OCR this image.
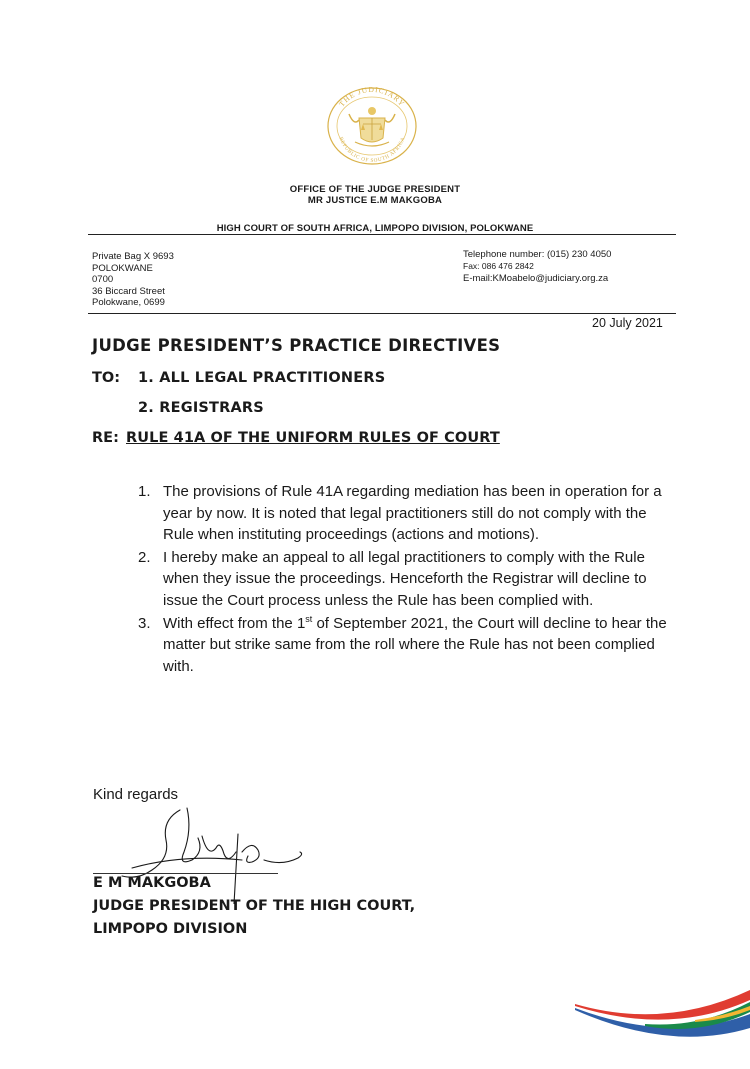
THE JUDICIARY
REPUBLIC OF SOUTH AFRICA
OFFICE OF THE JUDGE PRESIDENT
MR JUSTICE E.M MAKGOBA
HIGH COURT OF SOUTH AFRICA, LIMPOPO DIVISION, POLOKWANE
Private Bag X 9693
POLOKWANE
0700
36 Biccard Street
Polokwane, 0699
Telephone number: (015) 230 4050
Fax: 086 476 2842
E-mail:KMoabelo@judiciary.org.za
20 July 2021
JUDGE PRESIDENT’S PRACTICE DIRECTIVES
TO: 1. ALL LEGAL PRACTITIONERS
2. REGISTRARS
RE: RULE 41A OF THE UNIFORM RULES OF COURT
1. The provisions of Rule 41A regarding mediation has been in operation for a year by now. It is noted that legal practitioners still do not comply with the Rule when instituting proceedings (actions and motions).
2. I hereby make an appeal to all legal practitioners to comply with the Rule when they issue the proceedings. Henceforth the Registrar will decline to issue the Court process unless the Rule has been complied with.
3. With effect from the 1st of September 2021, the Court will decline to hear the matter but strike same from the roll where the Rule has not been complied with.
Kind regards
E M MAKGOBA
JUDGE PRESIDENT OF THE HIGH COURT,
LIMPOPO DIVISION
